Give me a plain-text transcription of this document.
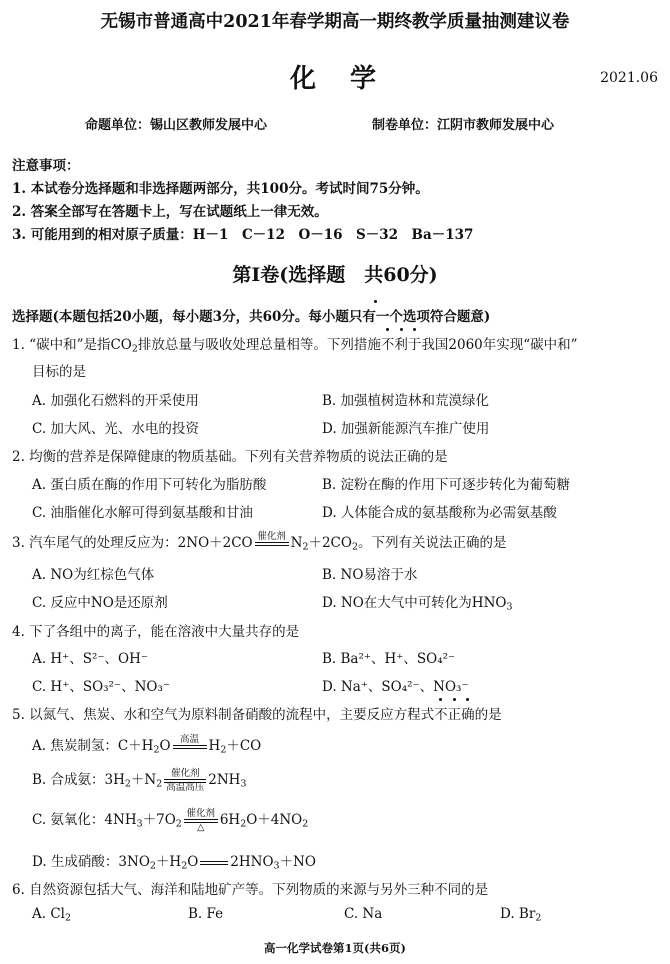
无锡市普通高中2021年春学期高一期终教学质量抽测建议卷
化　学	2021.06
命题单位：锡山区教师发展中心	制卷单位：江阴市教师发展中心
注意事项：
1. 本试卷分选择题和非选择题两部分，共100分。考试时间75分钟。
2. 答案全部写在答题卡上，写在试题纸上一律无效。
3. 可能用到的相对原子质量：H－1　C－12　O－16　S－32　Ba－137
第Ⅰ卷(选择题　共60分)
选择题(本题包括20小题，每小题3分，共60分。每小题只有一个选项符合题意)
1. “碳中和”是指$CO_2$排放总量与吸收处理总量相等。下列措施不利于我国2060年实现“碳中和”
目标的是
A. 加强化石燃料的开采使用	B. 加强植树造林和荒漠绿化
C. 加大风、光、水电的投资	D. 加强新能源汽车推广使用
2. 均衡的营养是保障健康的物质基础。下列有关营养物质的说法正确的是
A. 蛋白质在酶的作用下可转化为脂肪酸	B. 淀粉在酶的作用下可逐步转化为葡萄糖
C. 油脂催化水解可得到氨基酸和甘油	D. 人体能合成的氨基酸称为必需氨基酸
3. 汽车尾气的处理反应为：2NO＋2CO 催化剂
$N_2+2CO_2$。下列有关说法正确的是
A. NO为红棕色气体	B. NO易溶于水
C. 反应中NO是还原剂	D. NO在大气中可转化为$HNO_3$
4. 下了各组中的离子，能在溶液中大量共存的是
A. H⁺、S²⁻、OH⁻	B. Ba²⁺、H⁺、SO₄²⁻
C. H⁺、SO₃²⁻、NO₃⁻	D. Na⁺、SO₄²⁻、NO₃⁻
5. 以氮气、焦炭、水和空气为原料制备硝酸的流程中，主要反应方程式不正确的是
A. 焦炭制氢：$C+H_2O$ 高温
$H_2+CO$
B. 合成氨：$3H_2+N_2$
催化剂
高温高压 $2NH_3$
C. 氨氧化：$4NH_3+7O_2$
催化剂
△ $6H_2O+4NO_2$
D. 生成硝酸：$3NO_2+H_2O$ $2HNO_3+NO$
6. 自然资源包括大气、海洋和陆地矿产等。下列物质的来源与另外三种不同的是
A. $Cl_2$	B. Fe	C. Na	D. $Br_2$
高一化学试卷第1页(共6页)
